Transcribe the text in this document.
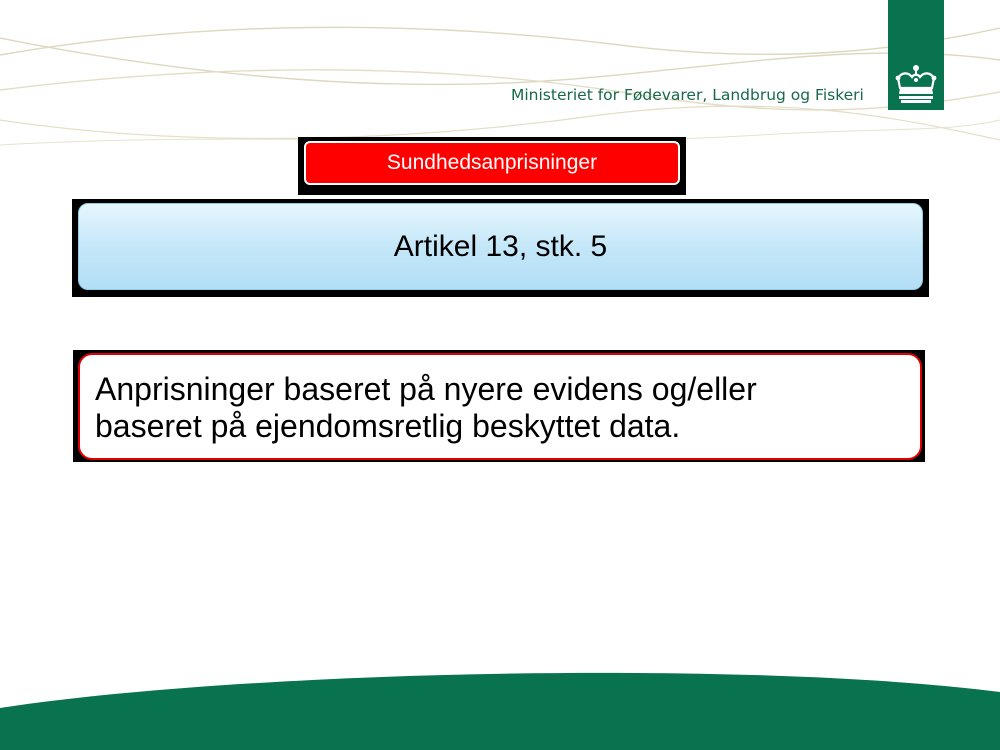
Ministeriet for Fødevarer, Landbrug og Fiskeri
Sundhedsanprisninger
Artikel 13, stk. 5
Anprisninger baseret på nyere evidens og/eller
baseret på ejendomsretlig beskyttet data.
